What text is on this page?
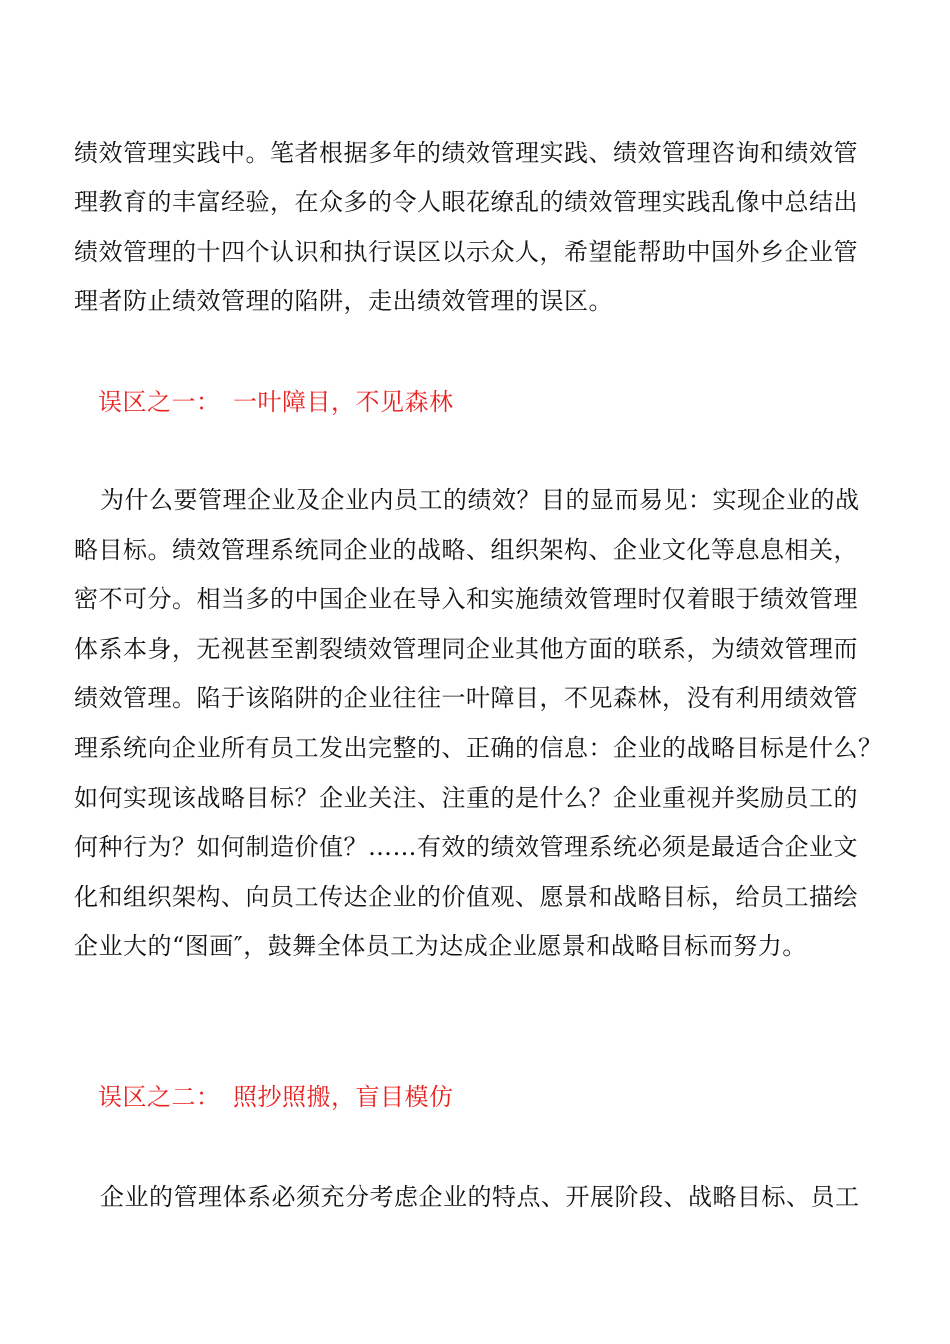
绩效管理实践中。笔者根据多年的绩效管理实践、绩效管理咨询和绩效管
理教育的丰富经验，在众多的令人眼花缭乱的绩效管理实践乱像中总结出
绩效管理的十四个认识和执行误区以示众人，希望能帮助中国外乡企业管
理者防止绩效管理的陷阱，走出绩效管理的误区。
误区之一：　一叶障目，不见森林
为什么要管理企业及企业内员工的绩效？目的显而易见：实现企业的战
略目标。绩效管理系统同企业的战略、组织架构、企业文化等息息相关，
密不可分。相当多的中国企业在导入和实施绩效管理时仅着眼于绩效管理
体系本身，无视甚至割裂绩效管理同企业其他方面的联系，为绩效管理而
绩效管理。陷于该陷阱的企业往往一叶障目，不见森林，没有利用绩效管
理系统向企业所有员工发出完整的、正确的信息：企业的战略目标是什么？
如何实现该战略目标？企业关注、注重的是什么？企业重视并奖励员工的
何种行为？如何制造价值？……有效的绩效管理系统必须是最适合企业文
化和组织架构、向员工传达企业的价值观、愿景和战略目标，给员工描绘
企业大的“图画″，鼓舞全体员工为达成企业愿景和战略目标而努力。
误区之二：　照抄照搬，盲目模仿
企业的管理体系必须充分考虑企业的特点、开展阶段、战略目标、员工
